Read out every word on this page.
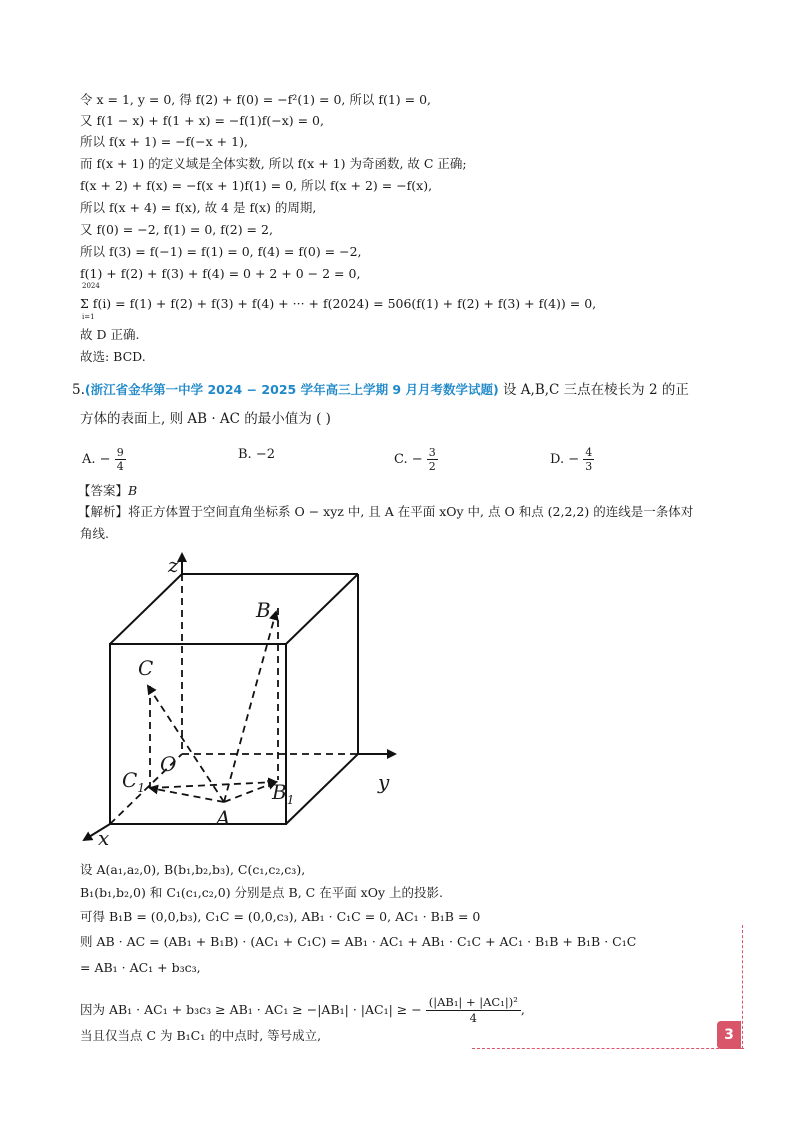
令 x = 1, y = 0, 得 f(2) + f(0) = −f²(1) = 0, 所以 f(1) = 0,
又 f(1 − x) + f(1 + x) = −f(1)f(−x) = 0,
所以 f(x + 1) = −f(−x + 1),
而 f(x + 1) 的定义域是全体实数, 所以 f(x + 1) 为奇函数, 故 C 正确;
f(x + 2) + f(x) = −f(x + 1)f(1) = 0, 所以 f(x + 2) = −f(x),
所以 f(x + 4) = f(x), 故 4 是 f(x) 的周期,
又 f(0) = −2, f(1) = 0, f(2) = 2,
所以 f(3) = f(−1) = f(1) = 0, f(4) = f(0) = −2,
f(1) + f(2) + f(3) + f(4) = 0 + 2 + 0 − 2 = 0,
2024
Σ f(i) = f(1) + f(2) + f(3) + f(4) + ··· + f(2024) = 506(f(1) + f(2) + f(3) + f(4)) = 0,
i=1
故 D 正确.
故选: BCD.
5.(浙江省金华第一中学 2024 − 2025 学年高三上学期 9 月月考数学试题) 设 A,B,C 三点在棱长为 2 的正
方体的表面上, 则 AB · AC 的最小值为 ( )
A. − $\frac{9}{4}$	B. −2	C. − $\frac{3}{2}$	D. − $\frac{4}{3}$
【答案】B
【解析】将正方体置于空间直角坐标系 O − xyz 中, 且 A 在平面 xOy 中, 点 O 和点 (2,2,2) 的连线是一条体对
角线.
z
y
x
O
A
B
$B_1$
C
$C_1$
设 A(a₁,a₂,0), B(b₁,b₂,b₃), C(c₁,c₂,c₃),
B₁(b₁,b₂,0) 和 C₁(c₁,c₂,0) 分别是点 B, C 在平面 xOy 上的投影.
可得 B₁B = (0,0,b₃), C₁C = (0,0,c₃), AB₁ · C₁C = 0, AC₁ · B₁B = 0
则 AB · AC = (AB₁ + B₁B) · (AC₁ + C₁C) = AB₁ · AC₁ + AB₁ · C₁C + AC₁ · B₁B + B₁B · C₁C
= AB₁ · AC₁ + b₃c₃,
因为 AB₁ · AC₁ + b₃c₃ ≥ AB₁ · AC₁ ≥ −|AB₁| · |AC₁| ≥ − $\frac{\text{(|AB₁| + |AC₁|)²}}{4}$ ,
当且仅当点 C 为 B₁C₁ 的中点时, 等号成立,	3
